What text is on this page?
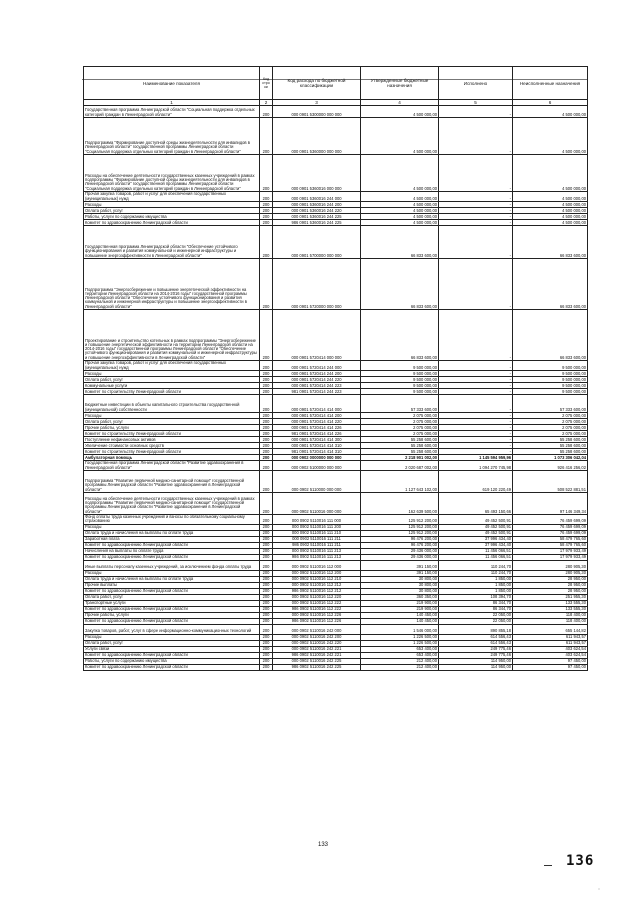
Наименование показателя	Код стро ки	Код расхода по бюджетной классификации	Утвержденные бюджетные назначения	Исполнено	Неисполненные назначения
1	2	3	4	5	6
Государственная программа Ленинградской области "Социальная поддержка отдельных категорий граждан в Ленинградской области"	200	000 0901 5300000 000 000	4 500 000,00	-	4 500 000,00
Подпрограмма "Формирование доступной среды жизнедеятельности для инвалидов в Ленинградской области" государственной программы Ленинградской области "Социальная поддержка отдельных категорий граждан в Ленинградской области"	200	000 0901 5360000 000 000	4 500 000,00	-	4 500 000,00
Расходы на обеспечение деятельности государственных казенных учреждений в рамках подпрограммы "Формирование доступной среды жизнедеятельности для инвалидов в Ленинградской области" государственной программы Ленинградской области "Социальная поддержка отдельных категорий граждан в Ленинградской области"	200	000 0901 5360016 000 000	4 500 000,00	-	4 500 000,00
Прочая закупка товаров, работ и услуг для обеспечения государственных (муниципальных) нужд	200	000 0901 5360016 244 000	4 500 000,00	-	4 500 000,00
Расходы	200	000 0901 5360016 244 200	4 500 000,00	-	4 500 000,00
Оплата работ, услуг	200	000 0901 5360016 244 220	4 500 000,00	-	4 500 000,00
Работы, услуги по содержанию имущества	200	000 0901 5360016 244 225	4 500 000,00	-	4 500 000,00
Комитет по здравоохранению Ленинградской области	200	986 0901 5360016 244 225	4 500 000,00	-	4 500 000,00
Государственная программа Ленинградской области "Обеспечение устойчивого функционирования и развития коммунальной и инженерной инфраструктуры и повышение энергоэффективности в Ленинградской области"	200	000 0901 5700000 000 000	66 833 600,00	-	66 833 600,00
Подпрограмма "Энергосбережение и повышение энергетической эффективности на территории Ленинградской области на 2014-2016 годы" государственной программы Ленинградской области "Обеспечение устойчивого функционирования и развития коммунальной и инженерной инфраструктуры и повышение энергоэффективности в Ленинградской области"	200	000 0901 5720000 000 000	66 833 600,00	-	66 833 600,00
Проектирование и строительство котельных в рамках подпрограммы "Энергосбережение и повышение энергетической эффективности на территории Ленинградской области на 2014-2016 годы" государственной программы Ленинградской области "Обеспечение устойчивого функционирования и развития коммунальной и инженерной инфраструктуры и повышение энергоэффективности в Ленинградской области"	200	000 0901 5720414 000 000	66 833 600,00	-	66 833 600,00
Прочая закупка товаров, работ и услуг для обеспечения государственных (муниципальных) нужд	200	000 0901 5720414 244 000	9 500 000,00	-	9 500 000,00
Расходы	200	000 0901 5720414 244 200	9 500 000,00	-	9 500 000,00
Оплата работ, услуг	200	000 0901 5720414 244 220	9 500 000,00	-	9 500 000,00
Коммунальные услуги	200	000 0901 5720414 244 223	9 500 000,00	-	9 500 000,00
Комитет по строительству Ленинградской области	200	981 0901 5720414 244 223	9 500 000,00	-	9 500 000,00
Бюджетные инвестиции в объекты капитального строительства государственной (муниципальной) собственности	200	000 0901 5720414 414 000	57 333 600,00	-	57 333 600,00
Расходы	200	000 0901 5720414 414 200	2 075 000,00	-	2 075 000,00
Оплата работ, услуг	200	000 0901 5720414 414 220	2 075 000,00	-	2 075 000,00
Прочие работы, услуги	200	000 0901 5720414 414 226	2 075 000,00	-	2 075 000,00
Комитет по строительству Ленинградской области	200	981 0901 5720414 414 226	2 075 000,00	-	2 075 000,00
Поступление нефинансовых активов	200	000 0901 5720414 414 300	55 258 600,00	-	55 258 600,00
Увеличение стоимости основных средств	200	000 0901 5720414 414 310	55 258 600,00	-	55 258 600,00
Комитет по строительству Ленинградской области	200	981 0901 5720414 414 310	55 258 600,00	-	55 258 600,00
Амбулаторная помощь	200	000 0902 0000000 000 000	2 218 901 002,00	1 145 594 959,96	1 073 306 042,04
Государственная программа Ленинградской области "Развитие здравоохранения в Ленинградской области"	200	000 0902 5100000 000 000	2 020 687 002,00	1 094 270 745,98	926 416 256,02
Подпрограмма "Развитие первичной медико-санитарной помощи" государственной программы Ленинградской области "Развитие здравоохранения в Ленинградской области"	200	000 0902 5110000 000 000	1 127 643 102,00	619 120 220,49	508 522 881,51
Расходы на обеспечение деятельности государственных казенных учреждений в рамках подпрограммы "Развитие первичной медико-санитарной помощи" государственной программы Ленинградской области "Развитие здравоохранения в Ленинградской области"	200	000 0902 5110016 000 000	162 639 500,00	65 493 150,66	97 146 349,34
Фонд оплаты труда казенных учреждений и взносы по обязательному социальному страхованию	200	000 0902 5110016 111 000	125 912 200,00	49 452 500,91	76 459 699,09
Расходы	200	000 0902 5110016 111 200	125 912 200,00	49 452 500,91	76 459 699,09
Оплата труда и начисления на выплаты по оплате труда	200	000 0902 5110016 111 210	125 912 200,00	49 452 500,91	76 459 699,09
Заработная плата	200	000 0902 5110016 111 211	96 476 200,00	37 996 434,40	58 479 765,60
Комитет по здравоохранению Ленинградской области	200	986 0902 5110016 111 211	96 476 200,00	37 996 434,40	58 479 765,60
Начисления на выплаты по оплате труда	200	000 0902 5110016 111 213	29 436 000,00	11 456 066,51	17 979 933,49
Комитет по здравоохранению Ленинградской области	200	986 0902 5110016 111 213	29 436 000,00	11 456 066,51	17 979 933,49
Иные выплаты персоналу казенных учреждений, за исключением фонда оплаты труда	200	000 0902 5110016 112 000	391 150,00	110 244,70	280 905,30
Расходы	200	000 0902 5110016 112 200	391 150,00	110 244,70	280 905,30
Оплата труда и начисления на выплаты по оплате труда	200	000 0902 5110016 112 210	30 800,00	1 850,00	28 950,00
Прочие выплаты	200	000 0902 5110016 112 212	30 800,00	1 850,00	28 950,00
Комитет по здравоохранению Ленинградской области	200	986 0902 5110016 112 212	30 800,00	1 850,00	28 950,00
Оплата работ, услуг	200	000 0902 5110016 112 220	360 350,00	108 394,70	251 955,30
Транспортные услуги	200	000 0902 5110016 112 222	219 900,00	86 344,70	133 555,30
Комитет по здравоохранению Ленинградской области	200	986 0902 5110016 112 222	219 900,00	86 344,70	133 555,30
Прочие работы, услуги	200	000 0902 5110016 112 226	140 450,00	22 050,00	118 400,00
Комитет по здравоохранению Ленинградской области	200	986 0902 5110016 112 226	140 450,00	22 050,00	118 400,00
Закупка товаров, работ, услуг в сфере информационно-коммуникационных технологий	200	000 0902 5110016 242 000	1 546 000,00	890 855,18	655 144,82
Расходы	200	000 0902 5110016 242 200	1 226 500,00	614 556,43	611 943,57
Оплата работ, услуг	200	000 0902 5110016 242 220	1 226 500,00	614 556,43	611 943,57
Услуги связи	200	000 0902 5110016 242 221	653 400,00	249 775,46	403 624,54
Комитет по здравоохранению Ленинградской области	200	986 0902 5110016 242 221	653 400,00	249 775,46	403 624,54
Работы, услуги по содержанию имущества	200	000 0902 5110016 242 225	212 400,00	114 950,00	97 450,00
Комитет по здравоохранению Ленинградской области	200	986 0902 5110016 242 225	212 400,00	114 950,00	97 450,00
133
136
::
